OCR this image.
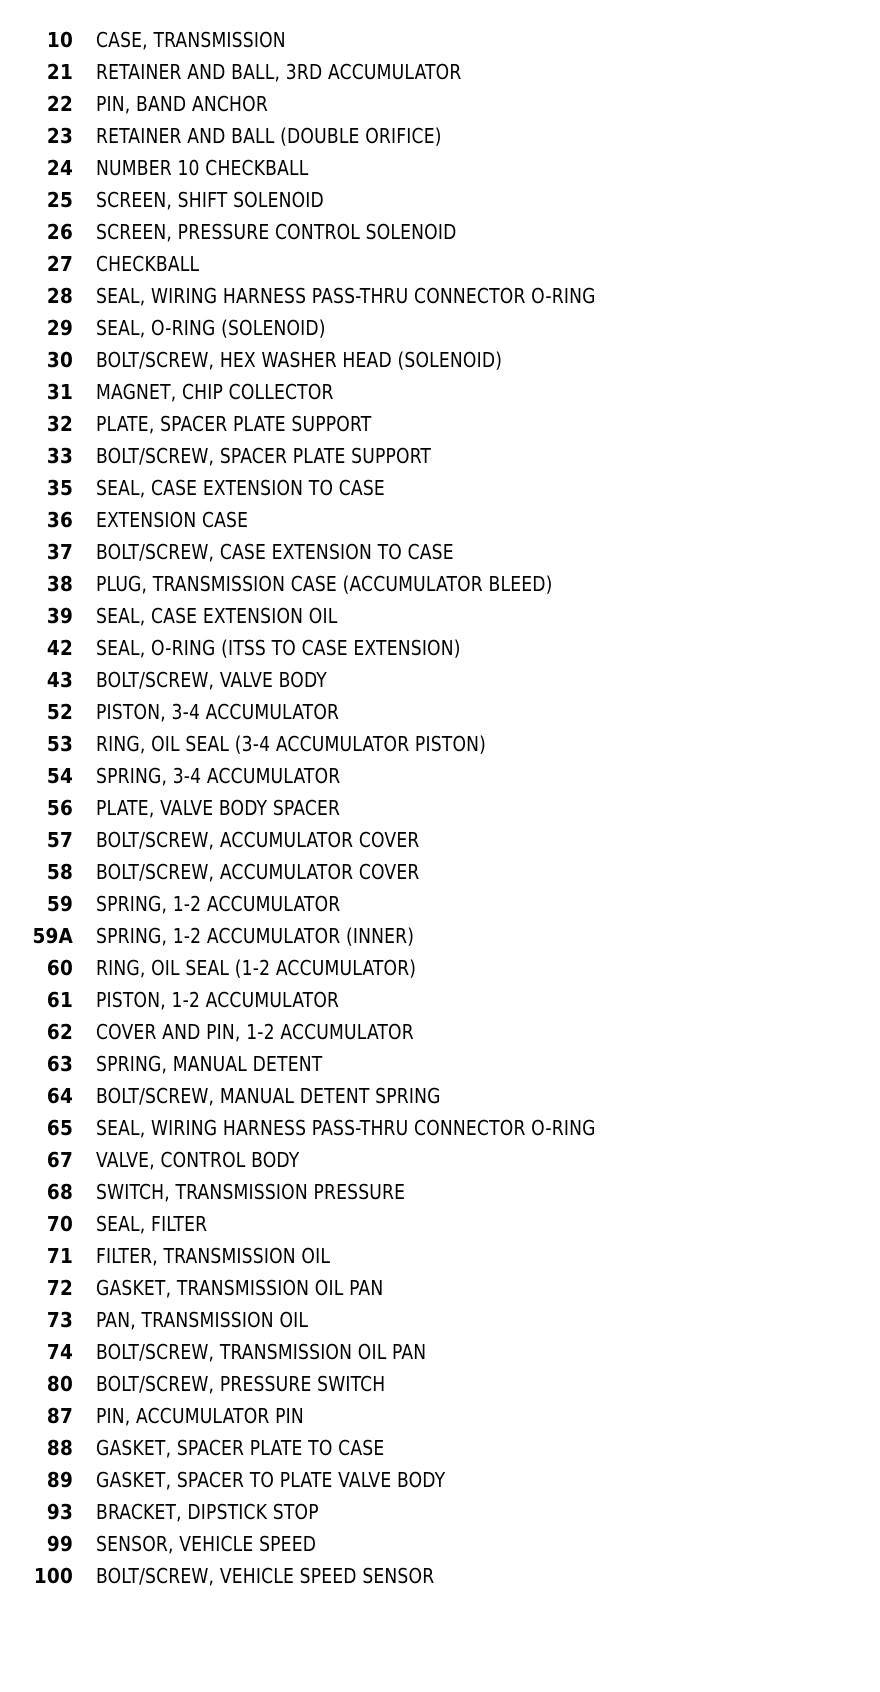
10 CASE, TRANSMISSION
21 RETAINER AND BALL, 3RD ACCUMULATOR
22 PIN, BAND ANCHOR
23 RETAINER AND BALL (DOUBLE ORIFICE)
24 NUMBER 10 CHECKBALL
25 SCREEN, SHIFT SOLENOID
26 SCREEN, PRESSURE CONTROL SOLENOID
27 CHECKBALL
28 SEAL, WIRING HARNESS PASS-THRU CONNECTOR O-RING
29 SEAL, O-RING (SOLENOID)
30 BOLT/SCREW, HEX WASHER HEAD (SOLENOID)
31 MAGNET, CHIP COLLECTOR
32 PLATE, SPACER PLATE SUPPORT
33 BOLT/SCREW, SPACER PLATE SUPPORT
35 SEAL, CASE EXTENSION TO CASE
36 EXTENSION CASE
37 BOLT/SCREW, CASE EXTENSION TO CASE
38 PLUG, TRANSMISSION CASE (ACCUMULATOR BLEED)
39 SEAL, CASE EXTENSION OIL
42 SEAL, O-RING (ITSS TO CASE EXTENSION)
43 BOLT/SCREW, VALVE BODY
52 PISTON, 3-4 ACCUMULATOR
53 RING, OIL SEAL (3-4 ACCUMULATOR PISTON)
54 SPRING, 3-4 ACCUMULATOR
56 PLATE, VALVE BODY SPACER
57 BOLT/SCREW, ACCUMULATOR COVER
58 BOLT/SCREW, ACCUMULATOR COVER
59 SPRING, 1-2 ACCUMULATOR
59A SPRING, 1-2 ACCUMULATOR (INNER)
60 RING, OIL SEAL (1-2 ACCUMULATOR)
61 PISTON, 1-2 ACCUMULATOR
62 COVER AND PIN, 1-2 ACCUMULATOR
63 SPRING, MANUAL DETENT
64 BOLT/SCREW, MANUAL DETENT SPRING
65 SEAL, WIRING HARNESS PASS-THRU CONNECTOR O-RING
67 VALVE, CONTROL BODY
68 SWITCH, TRANSMISSION PRESSURE
70 SEAL, FILTER
71 FILTER, TRANSMISSION OIL
72 GASKET, TRANSMISSION OIL PAN
73 PAN, TRANSMISSION OIL
74 BOLT/SCREW, TRANSMISSION OIL PAN
80 BOLT/SCREW, PRESSURE SWITCH
87 PIN, ACCUMULATOR PIN
88 GASKET, SPACER PLATE TO CASE
89 GASKET, SPACER TO PLATE VALVE BODY
93 BRACKET, DIPSTICK STOP
99 SENSOR, VEHICLE SPEED
100 BOLT/SCREW, VEHICLE SPEED SENSOR
